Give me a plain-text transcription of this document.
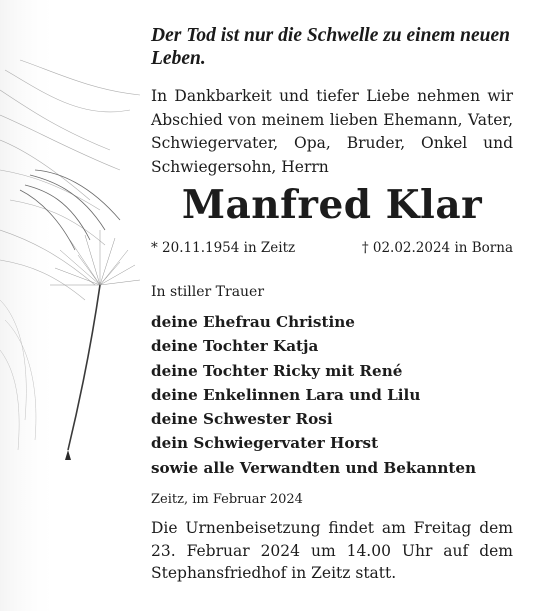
Der Tod ist nur die Schwelle zu einem neuen Leben.
In Dankbarkeit und tiefer Liebe nehmen wir Abschied von meinem lieben Ehemann, Vater, Schwiegervater, Opa, Bruder, Onkel und Schwiegersohn, Herrn
Manfred Klar
* 20.11.1954 in Zeitz	† 02.02.2024 in Borna
In stiller Trauer
deine Ehefrau Christine
deine Tochter Katja
deine Tochter Ricky mit René
deine Enkelinnen Lara und Lilu
deine Schwester Rosi
dein Schwiegervater Horst
sowie alle Verwandten und Bekannten
Zeitz, im Februar 2024
Die Urnenbeisetzung findet am Freitag dem 23. Februar 2024 um 14.00 Uhr auf dem Stephansfriedhof in Zeitz statt.
